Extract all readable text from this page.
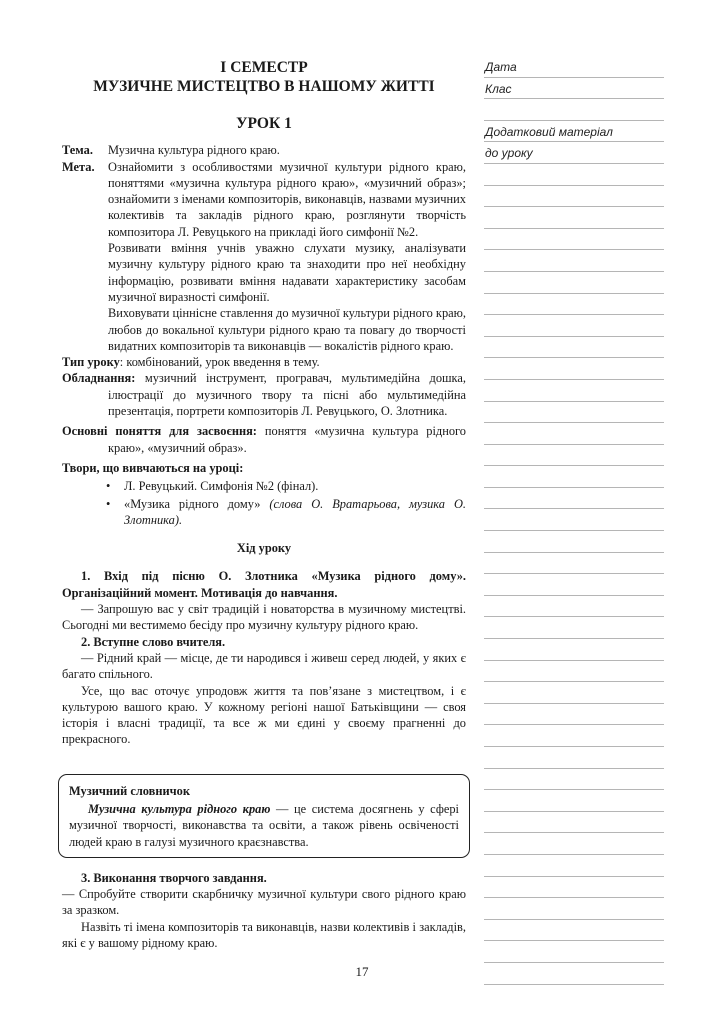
І СЕМЕСТР
МУЗИЧНЕ МИСТЕЦТВО В НАШОМУ ЖИТТІ
УРОК 1
Тема.	Музична культура рідного краю.

Мета.	Ознайомити з особливостями музичної культури рідного краю, поняттями «музична культура рідного краю», «музичний образ»; ознайомити з іменами композиторів, виконавців, назвами музичних колективів та закладів рідного краю, розглянути творчість композитора Л. Ревуцького на прикладі його симфонії №2.

Розвивати вміння учнів уважно слухати музику, аналізувати музичну культуру рідного краю та знаходити про неї необхідну інформацію, розвивати вміння надавати характеристику засобам музичної виразності симфонії.

Виховувати ціннісне ставлення до музичної культури рідного краю, любов до вокальної культури рідного краю та повагу до творчості видатних композиторів та виконавців — вокалістів рідного краю.

Тип уроку: комбінований, урок введення в тему.

Обладнання: музичний інструмент, програвач, мультимедійна дошка, ілюстрації до музичного твору та пісні або мультимедійна презентація, портрети композиторів Л. Ревуцького, О. Злотника.

Основні поняття для засвоєння: поняття «музична культура рідного краю», «музичний образ».

Твори, що вивчаються на уроці:

• Л. Ревуцький. Симфонія №2 (фінал).
• «Музика рідного дому» (слова О. Вратарьова, музика О. Злотника).

Хід уроку

1. Вхід під пісню О. Злотника «Музика рідного дому». Організаційний момент. Мотивація до навчання.

— Запрошую вас у світ традицій і новаторства в музичному мистецтві. Сьогодні ми вестимемо бесіду про музичну культуру рідного краю.

2. Вступне слово вчителя.

— Рідний край — місце, де ти народився і живеш серед людей, у яких є багато спільного.

Усе, що вас оточує упродовж життя та пов’язане з мистецтвом, і є культурою вашого краю. У кожному регіоні нашої Батьківщини — своя історія і власні традиції, та все ж ми єдині у своєму прагненні до прекрасного.

Музичний словничок

Музична культура рідного краю — це система досягнень у сфері музичної творчості, виконавства та освіти, а також рівень освіченості людей краю в галузі музичного краєзнавства.

3. Виконання творчого завдання.

— Спробуйте створити скарбничку музичної культури свого рідного краю за зразком.

Назвіть ті імена композиторів та виконавців, назви колективів і закладів, які є у вашому рідному краю.

Дата
Клас
Додатковий матеріал
до уроку
17
